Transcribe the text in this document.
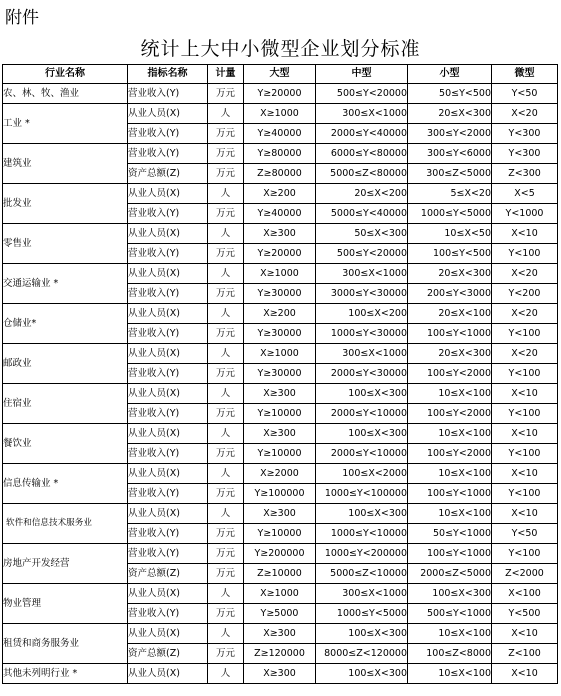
附件
统计上大中小微型企业划分标准
行业名称	指标名称	计量	大型	中型	小型	微型
农、林、牧、渔业	营业收入(Y)	万元	Y≥20000	500≤Y<20000	50≤Y<500	Y<50
工业 *	从业人员(X)	人	X≥1000	300≤X<1000	20≤X<300	X<20
	营业收入(Y)	万元	Y≥40000	2000≤Y<40000	300≤Y<2000	Y<300
建筑业	营业收入(Y)	万元	Y≥80000	6000≤Y<80000	300≤Y<6000	Y<300
	资产总额(Z)	万元	Z≥80000	5000≤Z<80000	300≤Z<5000	Z<300
批发业	从业人员(X)	人	X≥200	20≤X<200	5≤X<20	X<5
	营业收入(Y)	万元	Y≥40000	5000≤Y<40000	1000≤Y<5000	Y<1000
零售业	从业人员(X)	人	X≥300	50≤X<300	10≤X<50	X<10
	营业收入(Y)	万元	Y≥20000	500≤Y<20000	100≤Y<500	Y<100
交通运输业 *	从业人员(X)	人	X≥1000	300≤X<1000	20≤X<300	X<20
	营业收入(Y)	万元	Y≥30000	3000≤Y<30000	200≤Y<3000	Y<200
仓储业*	从业人员(X)	人	X≥200	100≤X<200	20≤X<100	X<20
	营业收入(Y)	万元	Y≥30000	1000≤Y<30000	100≤Y<1000	Y<100
邮政业	从业人员(X)	人	X≥1000	300≤X<1000	20≤X<300	X<20
	营业收入(Y)	万元	Y≥30000	2000≤Y<30000	100≤Y<2000	Y<100
住宿业	从业人员(X)	人	X≥300	100≤X<300	10≤X<100	X<10
	营业收入(Y)	万元	Y≥10000	2000≤Y<10000	100≤Y<2000	Y<100
餐饮业	从业人员(X)	人	X≥300	100≤X<300	10≤X<100	X<10
	营业收入(Y)	万元	Y≥10000	2000≤Y<10000	100≤Y<2000	Y<100
信息传输业 *	从业人员(X)	人	X≥2000	100≤X<2000	10≤X<100	X<10
	营业收入(Y)	万元	Y≥100000	1000≤Y<100000	100≤Y<1000	Y<100
软件和信息技术服务业	从业人员(X)	人	X≥300	100≤X<300	10≤X<100	X<10
	营业收入(Y)	万元	Y≥10000	1000≤Y<10000	50≤Y<1000	Y<50
房地产开发经营	营业收入(Y)	万元	Y≥200000	1000≤Y<200000	100≤Y<1000	Y<100
	资产总额(Z)	万元	Z≥10000	5000≤Z<10000	2000≤Z<5000	Z<2000
物业管理	从业人员(X)	人	X≥1000	300≤X<1000	100≤X<300	X<100
	营业收入(Y)	万元	Y≥5000	1000≤Y<5000	500≤Y<1000	Y<500
租赁和商务服务业	从业人员(X)	人	X≥300	100≤X<300	10≤X<100	X<10
	资产总额(Z)	万元	Z≥120000	8000≤Z<120000	100≤Z<8000	Z<100
其他未列明行业 *	从业人员(X)	人	X≥300	100≤X<300	10≤X<100	X<10
